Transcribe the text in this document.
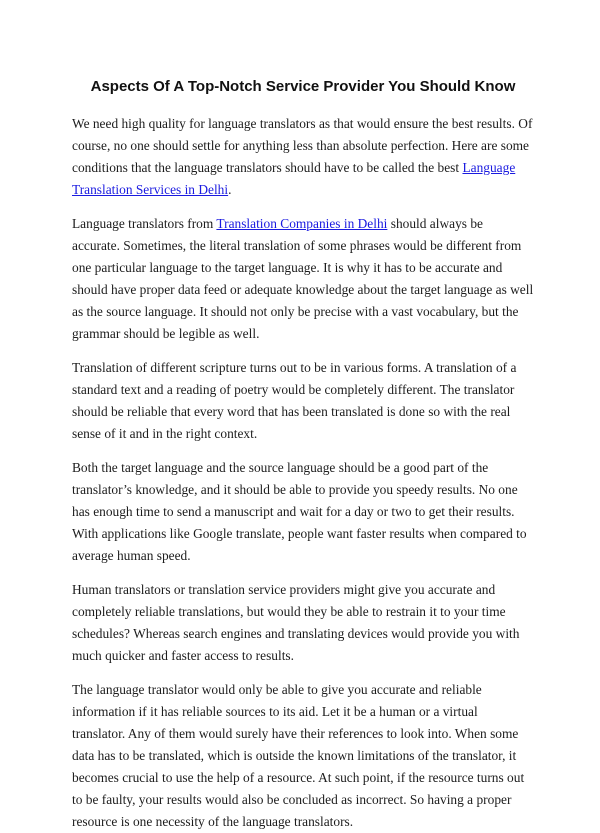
Aspects Of A Top-Notch Service Provider You Should Know

We need high quality for language translators as that would ensure the best results. Of course, no one should settle for anything less than absolute perfection. Here are some conditions that the language translators should have to be called the best Language Translation Services in Delhi.

Language translators from Translation Companies in Delhi should always be accurate. Sometimes, the literal translation of some phrases would be different from one particular language to the target language. It is why it has to be accurate and should have proper data feed or adequate knowledge about the target language as well as the source language. It should not only be precise with a vast vocabulary, but the grammar should be legible as well.

Translation of different scripture turns out to be in various forms. A translation of a standard text and a reading of poetry would be completely different. The translator should be reliable that every word that has been translated is done so with the real sense of it and in the right context.

Both the target language and the source language should be a good part of the translator’s knowledge, and it should be able to provide you speedy results. No one has enough time to send a manuscript and wait for a day or two to get their results. With applications like Google translate, people want faster results when compared to average human speed.

Human translators or translation service providers might give you accurate and completely reliable translations, but would they be able to restrain it to your time schedules? Whereas search engines and translating devices would provide you with much quicker and faster access to results.

The language translator would only be able to give you accurate and reliable information if it has reliable sources to its aid. Let it be a human or a virtual translator. Any of them would surely have their references to look into. When some data has to be translated, which is outside the known limitations of the translator, it becomes crucial to use the help of a resource. At such point, if the resource turns out to be faulty, your results would also be concluded as incorrect. So having a proper resource is one necessity of the language translators.
